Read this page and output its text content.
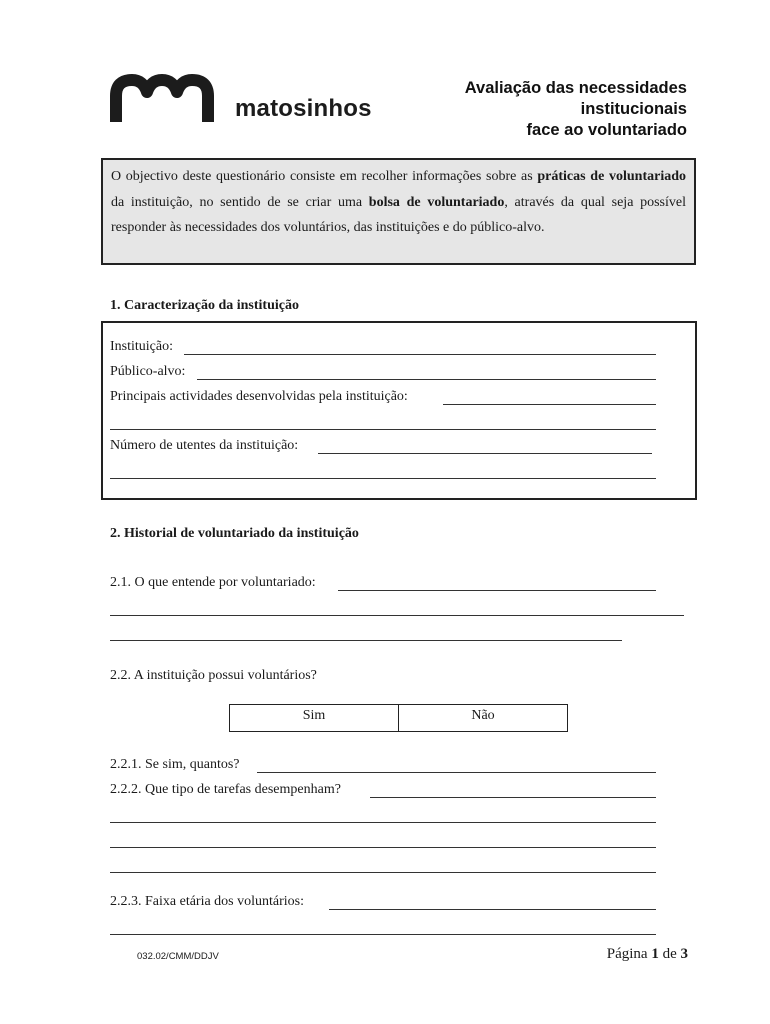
matosinhos
Avaliação das necessidades
institucionais
face ao voluntariado
O objectivo deste questionário consiste em recolher informações sobre as práticas de voluntariado da instituição, no sentido de se criar uma bolsa de voluntariado, através da qual seja possível responder às necessidades dos voluntários, das instituições e do público-alvo.
1. Caracterização da instituição
Instituição:
Público-alvo:
Principais actividades desenvolvidas pela instituição:
Número de utentes da instituição:
2. Historial de voluntariado da instituição
2.1. O que entende por voluntariado:
2.2. A instituição possui voluntários?
Sim	Não
2.2.1. Se sim, quantos?
2.2.2. Que tipo de tarefas desempenham?
2.2.3. Faixa etária dos voluntários:
032.02/CMM/DDJV	Página 1 de 3
